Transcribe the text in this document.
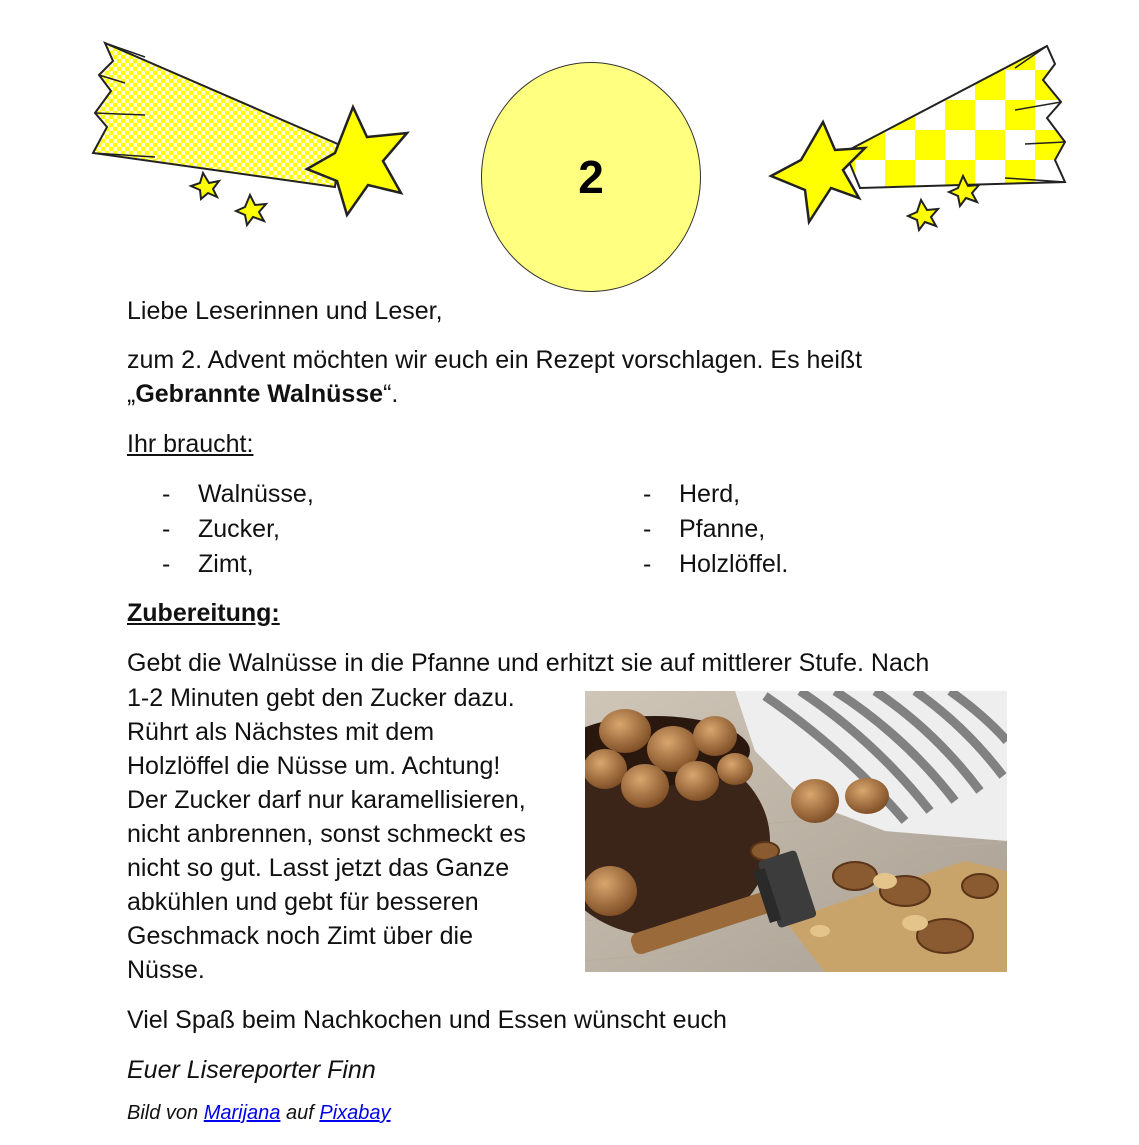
2
Liebe Leserinnen und Leser,
zum 2. Advent möchten wir euch ein Rezept vorschlagen. Es heißt
„Gebrannte Walnüsse“.
Ihr braucht:
-	Walnüsse,
-	Zucker,
-	Zimt,
-	Herd,
-	Pfanne,
-	Holzlöffel.
Zubereitung:
Gebt die Walnüsse in die Pfanne und erhitzt sie auf mittlerer Stufe. Nach
1-2 Minuten gebt den Zucker dazu.
Rührt als Nächstes mit dem
Holzlöffel die Nüsse um. Achtung!
Der Zucker darf nur karamellisieren,
nicht anbrennen, sonst schmeckt es
nicht so gut. Lasst jetzt das Ganze
abkühlen und gebt für besseren
Geschmack noch Zimt über die
Nüsse.
Viel Spaß beim Nachkochen und Essen wünscht euch
Euer Lisereporter Finn
Bild von Marijana auf Pixabay
